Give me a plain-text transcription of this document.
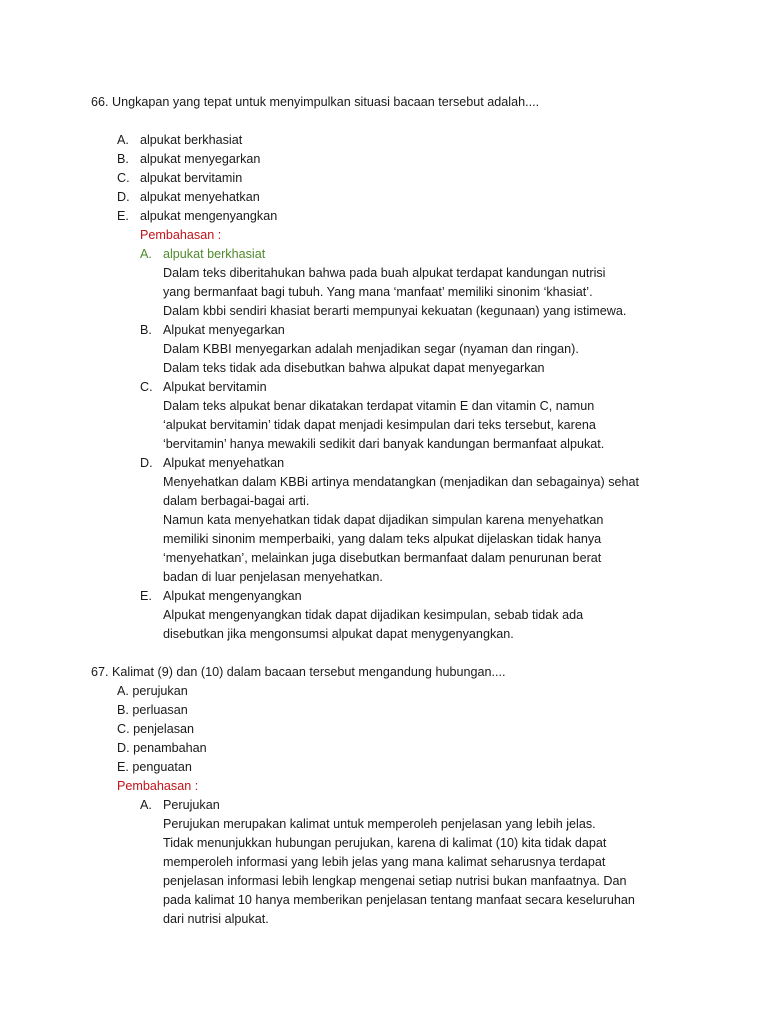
66. Ungkapan yang tepat untuk menyimpulkan situasi bacaan tersebut adalah....
A. alpukat berkhasiat
B. alpukat menyegarkan
C. alpukat bervitamin
D. alpukat menyehatkan
E. alpukat mengenyangkan
Pembahasan :
A. alpukat berkhasiat
Dalam teks diberitahukan bahwa pada buah alpukat terdapat kandungan nutrisi
yang bermanfaat bagi tubuh. Yang mana ‘manfaat’ memiliki sinonim ‘khasiat’.
Dalam kbbi sendiri khasiat berarti mempunyai kekuatan (kegunaan) yang istimewa.
B. Alpukat menyegarkan
Dalam KBBI menyegarkan adalah menjadikan segar (nyaman dan ringan).
Dalam teks tidak ada disebutkan bahwa alpukat dapat menyegarkan
C. Alpukat bervitamin
Dalam teks alpukat benar dikatakan terdapat vitamin E dan vitamin C, namun
‘alpukat bervitamin’ tidak dapat menjadi kesimpulan dari teks tersebut, karena
‘bervitamin’ hanya mewakili sedikit dari banyak kandungan bermanfaat alpukat.
D. Alpukat menyehatkan
Menyehatkan dalam KBBi artinya mendatangkan (menjadikan dan sebagainya) sehat
dalam berbagai-bagai arti.
Namun kata menyehatkan tidak dapat dijadikan simpulan karena menyehatkan
memiliki sinonim memperbaiki, yang dalam teks alpukat dijelaskan tidak hanya
‘menyehatkan’, melainkan juga disebutkan bermanfaat dalam penurunan berat
badan di luar penjelasan menyehatkan.
E. Alpukat mengenyangkan
Alpukat mengenyangkan tidak dapat dijadikan kesimpulan, sebab tidak ada
disebutkan jika mengonsumsi alpukat dapat menygenyangkan.
67. Kalimat (9) dan (10) dalam bacaan tersebut mengandung hubungan....
A. perujukan
B. perluasan
C. penjelasan
D. penambahan
E. penguatan
Pembahasan :
A. Perujukan
Perujukan merupakan kalimat untuk memperoleh penjelasan yang lebih jelas.
Tidak menunjukkan hubungan perujukan, karena di kalimat (10) kita tidak dapat
memperoleh informasi yang lebih jelas yang mana kalimat seharusnya terdapat
penjelasan informasi lebih lengkap mengenai setiap nutrisi bukan manfaatnya. Dan
pada kalimat 10 hanya memberikan penjelasan tentang manfaat secara keseluruhan
dari nutrisi alpukat.
